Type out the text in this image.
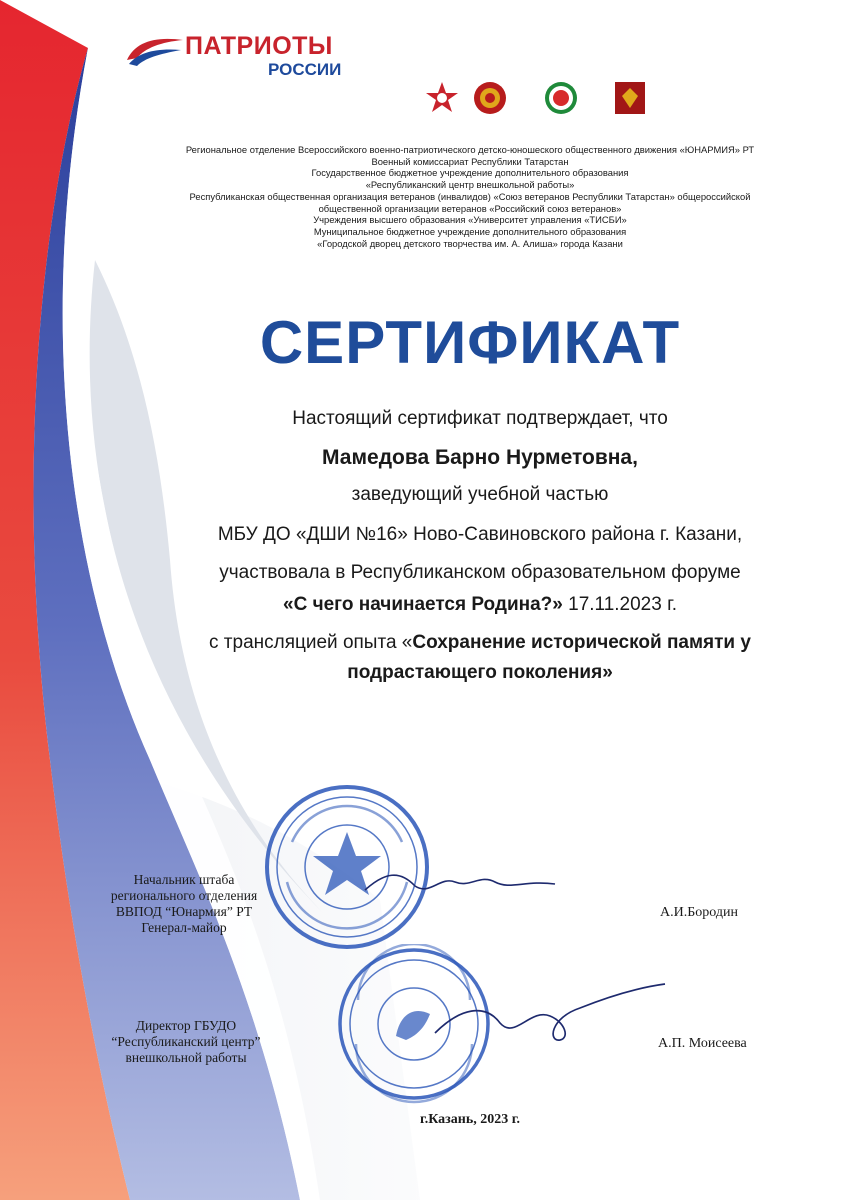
ПАТРИОТЫ
РОССИИ
Региональное отделение Всероссийского военно-патриотического детско-юношеского общественного движения «ЮНАРМИЯ» РТ
Военный комиссариат Республики Татарстан
Государственное бюджетное учреждение дополнительного образования
«Республиканский центр внешкольной работы»
Республиканская общественная организация ветеранов (инвалидов) «Союз ветеранов Республики Татарстан» общероссийской
общественной организации ветеранов «Российский союз ветеранов»
Учреждения высшего образования «Университет управления «ТИСБИ»
Муниципальное бюджетное учреждение дополнительного образования
«Городской дворец детского творчества им. А. Алиша» города Казани
СЕРТИФИКАТ
Настоящий сертификат подтверждает, что
Мамедова Барно Нурметовна,
заведующий учебной частью
МБУ ДО «ДШИ №16» Ново-Савиновского района г. Казани,
участвовала в Республиканском образовательном форуме
«С чего начинается Родина?» 17.11.2023 г.
с трансляцией опыта «Сохранение исторической памяти у
подрастающего поколения»
Начальник штаба
регионального отделения
ВВПОД “Юнармия” РТ
Генерал-майор
А.И.Бородин
Директор ГБУДО
“Республиканский центр”
внешкольной работы
А.П. Моисеева
г.Казань, 2023 г.
